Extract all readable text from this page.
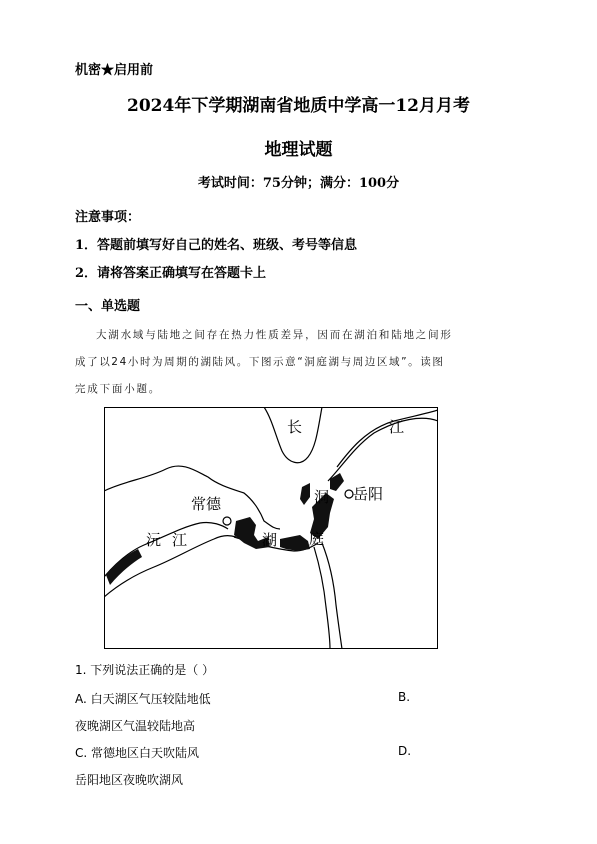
机密★启用前
2024年下学期湖南省地质中学高一12月月考
地理试题
考试时间：75分钟；满分：100分
注意事项：
1．答题前填写好自己的姓名、班级、考号等信息
2．请将答案正确填写在答题卡上
一、单选题
大湖水域与陆地之间存在热力性质差异，因而在湖泊和陆地之间形
成了以24小时为周期的湖陆风。下图示意“洞庭湖与周边区域”。读图
完成下面小题。
长	江
常德	洞 岳阳
沅 江	湖 庭
1. 下列说法正确的是（ ）
A. 白天湖区气压较陆地低	B.
夜晚湖区气温较陆地高
C. 常德地区白天吹陆风	D.
岳阳地区夜晚吹湖风
